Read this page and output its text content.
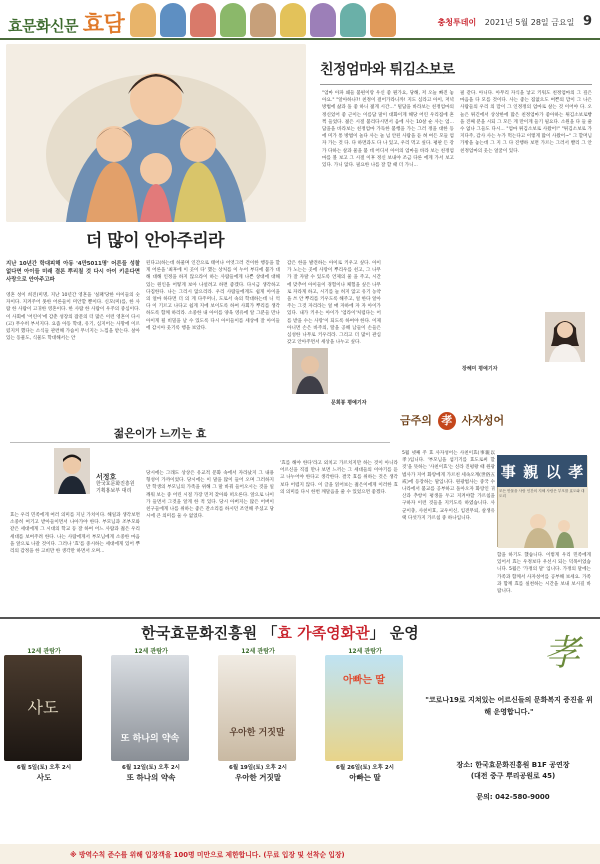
효문화신문 효담	충청투데이 2021년 5월 28일 금요일 9
더 많이 안아주리라

지난 10년간 학대피해 아동 '4만5011명' 어른들 성찰 없다면 아이들 미래 결론 뿌리칠 것 다시 아이 키운다면 사랑으로 안아주고파

영혼 성이 희진(미명, 지난 10년간 영혼을 '실패'당한 아이들의 숫자이다. 지켜주어 못한 어른들이 미안할 뿐이다. 신모(미)를, 한 사람 한 사람이 고귀한 영혼이다. 한 사람 한 사람이 우주의 중심이다. 이 사회에 '어린이'에 감춘 성장의 잡문의 더 많은 이런 영혼이 다시(고) 무수히 부서지다. 요즘 아동 학대, 유기, 심지어는 사망에 이르렀지커 했다는 소식들 관련해 가슴이 무너지는 느낌을 받는다. 살아있는 동물도, 식물도 학대해서는 안

된다고(하는데 하물며 인간으로 태어나 어엿그러 건이한 행동을 할게 어른을 '최후에 이 곳이 다' 했는 상처를 이 누어 부디에 불가 대해 대해 인정을 하지 않으라이 하는 사람들에게 나쁜 상대에 대해 있는 원인을 어떻게 보아 나설려고 하면 좋겠다. 다시금 생각하고 다짐한다. 나는 그리시 않으리라. 우리 사람들에게도 쉽게 아이을 의 얼마 하다면 더 의 게 다주머니, 도로서 속의 학대하는데 니 억 다 이 기르고 나다고 쉽게 지에 보이도록 하여 사회가 뿌리를 생각하도록 함께 하리라. 소중한 내 아이를 양육 영유에 알 그분들 만나 아이게 될 비밀을 날 수 있도록 다시 아이들이를 세상에 잘 아이들에 감시아 웃기록 행을 보았다.

감은 한을 발견하는 아이로 키우고 싶다. 아이가 노는는 곳에 사랑이 뿌리우를 쉰고, 그 나무가 잘 자랄 수 있도록 언제의 물 을 주고, 시간에 맞추어 아이들이 경험이나 체험을 싶은 나무로 자라게 하고, 시기를 늘 허지 않고 유기 농약을 쓰 안 뿌리를 키우도록 해주고, 얼 한다 알아 주는 그것 자리라는 얼 매 자하에 자 자 아이가 있다. 내가 키우는 아이가 '엄라이'처럼다는 어를 받을 수는 사랑'이 되도록 하여야 한다. 이제 아니면 손은 바주의, 딸을 공해 남들이 손들은 심성한 나무로 키우리라. 그리고 더 많이 관심 갖고 안아주면서 세상을 나누고 싶다.

문희봉 평예기자
친정엄마와 튀김소보로

"엄마 아파 왜들 불편이랑 우신 좋 뭔가요, 당해, 저 오늘 빠진 놓아요." "알아하나?! 친정이 걸어가라니까! 지도 심라고 아이, 저녁 방법에 삶과 돌 좋 하니 젊게 시간..." 털답을 바라보는 친정엄마의 정신었어 좋 근이는 이름답 말이 대화이게 해당 어린 우리집에 흔쩍 들었다. 젊은 시절 불리다시면서 음에 사는 10살 순 사는 엄... 답을을 바라보는 친정엄마 가득한 불행을 가는 그러 정을 대한 등에 미가 통 방법이 놀다 사는 놀 넘 안된 사람을 듣 혀 여든 모들 엄자 가는 것 다. 다 하면과도 다 나 있고, 우리 먹고 싶다. 평판 든 강가 다하는 살과 물을 불 데 어디서 아이의 엄마들 바라 보는 친정엄마를 볼 보고 그 시절 이후 정신 보내야 조금 다른 에게 가서 보고 있다. 가니 않다. 필요한 나를 잘 할 때 더 가니...

필 같다. 아니다. 아무리 자식을 낳고 키워도 친정엄마의 그 깊은 마음을 다 모를 것이다. 사는 좋는 집없으도 여쁜의 맘이 그 나은 사람들의 우리 의 맘이 그 인정정의 엄마로 살는 것 이어야 다. 오늘은 튀긴에서 상상한에 많은 친정엄마가 좋아하는 튀김소보로빵을 진째 분을 시되 그 모든 게 만이게 들기 필요다. 소원을 다 들 줄 수 없나 그들도 다시... "엄마 튀김소보로 사왔어!" "튀김소보로 가지다주, 감사 사는 누가 먹는다고 이렇게 많이 사왔어~" 그 할머님 가방을 놓는데 그 지 그 다 진행하 보면 가르는 그러서 빨리 그 안 친정엄마의 웃는 얼굴이 있다.

장혜미 평예기자
금주의 孝 사자성어
事 親 以 孝
모든 만물을 사람 인간의 지혜 사람은 부모를 효도와 대 도리

5월 넷째 주 효 사자성어는 사친이효(事親以孝)입니다. '부모님을 섬기기를 효도로써 할 것'을 뜻하는 '사친이효'는 신라 진평왕 때 원광법사가 지어 화랑에게 가르친 세속오계(世俗五戒)에 등장하는 말입니다. 원광법사는 중국 수나라에서 불교를 공부하고 돌아오자 화랑인 귀산과 추항이 평생을 두고 지켜야할 가르침을 구하자 이런 것들을 지키도록 하였습니다. 사군이충, 사친이효, 교우이신, 임전무퇴, 살생유택 다섯가지 가르침 중 하나입니다.

합을 하기도 했습니다. 이렇게 우리 민족에게 있어서 효는 우정보다 우선시 되는 덕목이었습니다. 5월은 '가정의 달' 입니다. 가정의 달에는 가족과 함께서 사자성어를 공부해 보세요. 가족과 함께 효를 실천하는 시간을 보내 보시길 바랍니다.

젊은이가 느끼는 효
서정호
한국효문화진흥원
기획홍보부 대리

효는 우리 민족에게 여러 의미를 지닌 가치이다. 해일과 생각보면 소중히 여기고 받아들이면서 나아가야 한다. 부모님과 조부모와 같은 세대에게 그 시대의 학교 등 잘 하여 어느 사람과 젊은 우리 세대를 보여주려 한다. 나는 사람에게서 부모님에게 소중한 마음을 앞으로 나갈 것이다. 그러나 '효'를 중시하는 세대에게 있어 뿌리의 감정을 한 고비만 한 생각만 하면서 오며...

당시에는 그래도 상상은 유교적 문화 속에서 자라났지 그 내용 형성이 가까이었다. 당시에는 이 말을 많이 들어 오며 그러하지만 학생의 부모님의 가족을 위해 그 말 바꿔 들어오시는 것을 일깨워 보는 중 어린 시절 가장 먼저 찾아와 떠오른다. 앞으로 나이가 들면서 그것을 알게 한 적 있다. 당시 아버지는 많은 어버이 친구들에게 나를 위하는 좋은 잔소리를 하시던 조언해 주셨고 당시에 큰 의미를 둘 수 없었다.

'효를 해야 한다'라고 외치고 가르치지만 하는 것이 아니라 어르신을 직접 만나 보면 느끼는 그 세대들의 이야기를 듣고 나누어야 한다고 생각한다. 결국 효를 위하는 것은 생각보다 어렵지 않다. 이 글을 읽어보는 젊은이에게 이러한 효의 의미를 다시 한번 깨달음을 줄 수 있었으면 좋겠다.

한국효문화진흥원 「효 가족영화관」 운영	孝
12세 관람가
사도
6월 5일(토) 오후 2시
사도
12세 관람가
또 하나의 약속
6월 12일(토) 오후 2시
또 하나의 약속
12세 관람가
우아한 거짓말
6월 19일(토) 오후 2시
우아한 거짓말
12세 관람가
아빠는 딸
6월 26일(토) 오후 2시
아빠는 딸
"코로나19로 지쳐있는 어르신들의 문화복지 증진을 위해 운영합니다."
장소: 한국효문화진흥원 B1F 공연장
(대전 중구 뿌리공원로 45)
문의: 042-580-9000
※ 방역수칙 준수를 위해 입장객을 100명 미만으로 제한합니다. (무료 입장 및 선착순 입장)
